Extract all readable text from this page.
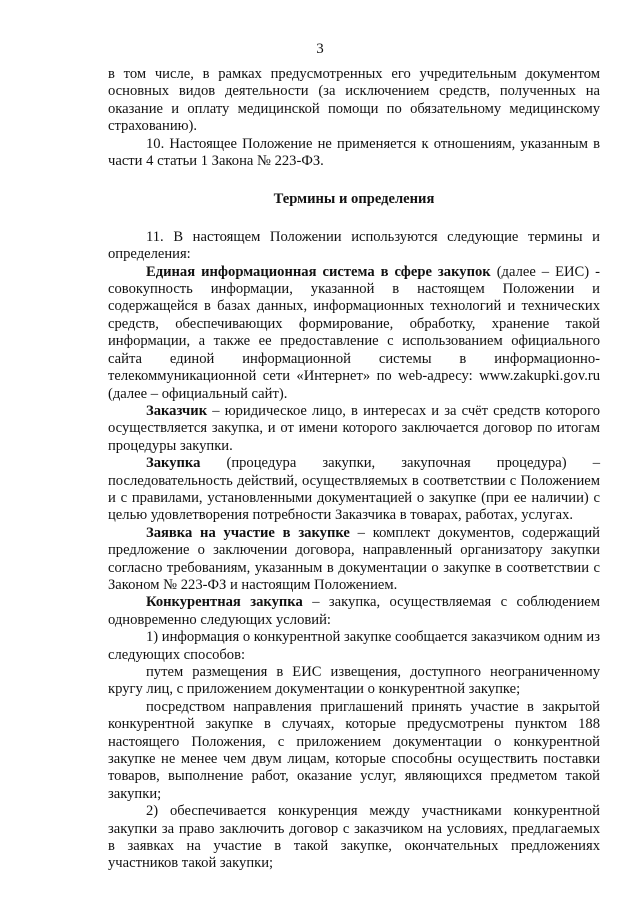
3

в том числе, в рамках предусмотренных его учредительным документом основных видов деятельности (за исключением средств, полученных на оказание и оплату медицинской помощи по обязательному медицинскому страхованию).

10. Настоящее Положение не применяется к отношениям, указанным в части 4 статьи 1 Закона № 223-ФЗ.

Термины и определения

11. В настоящем Положении используются следующие термины и определения:

Единая информационная система в сфере закупок (далее – ЕИС) - совокупность информации, указанной в настоящем Положении и содержащейся в базах данных, информационных технологий и технических средств, обеспечивающих формирование, обработку, хранение такой информации, а также ее предоставление с использованием официального сайта единой информационной системы в информационно-телекоммуникационной сети «Интернет» по web-адресу: www.zakupki.gov.ru (далее – официальный сайт).

Заказчик – юридическое лицо, в интересах и за счёт средств которого осуществляется закупка, и от имени которого заключается договор по итогам процедуры закупки.

Закупка (процедура закупки, закупочная процедура) – последовательность действий, осуществляемых в соответствии с Положением и с правилами, установленными документацией о закупке (при ее наличии) с целью удовлетворения потребности Заказчика в товарах, работах, услугах.

Заявка на участие в закупке – комплект документов, содержащий предложение о заключении договора, направленный организатору закупки согласно требованиям, указанным в документации о закупке в соответствии с Законом № 223-ФЗ и настоящим Положением.

Конкурентная закупка – закупка, осуществляемая с соблюдением одновременно следующих условий:

1) информация о конкурентной закупке сообщается заказчиком одним из следующих способов:

путем размещения в ЕИС извещения, доступного неограниченному кругу лиц, с приложением документации о конкурентной закупке;

посредством направления приглашений принять участие в закрытой конкурентной закупке в случаях, которые предусмотрены пунктом 188 настоящего Положения, с приложением документации о конкурентной закупке не менее чем двум лицам, которые способны осуществить поставки товаров, выполнение работ, оказание услуг, являющихся предметом такой закупки;

2) обеспечивается конкуренция между участниками конкурентной закупки за право заключить договор с заказчиком на условиях, предлагаемых в заявках на участие в такой закупке, окончательных предложениях участников такой закупки;
